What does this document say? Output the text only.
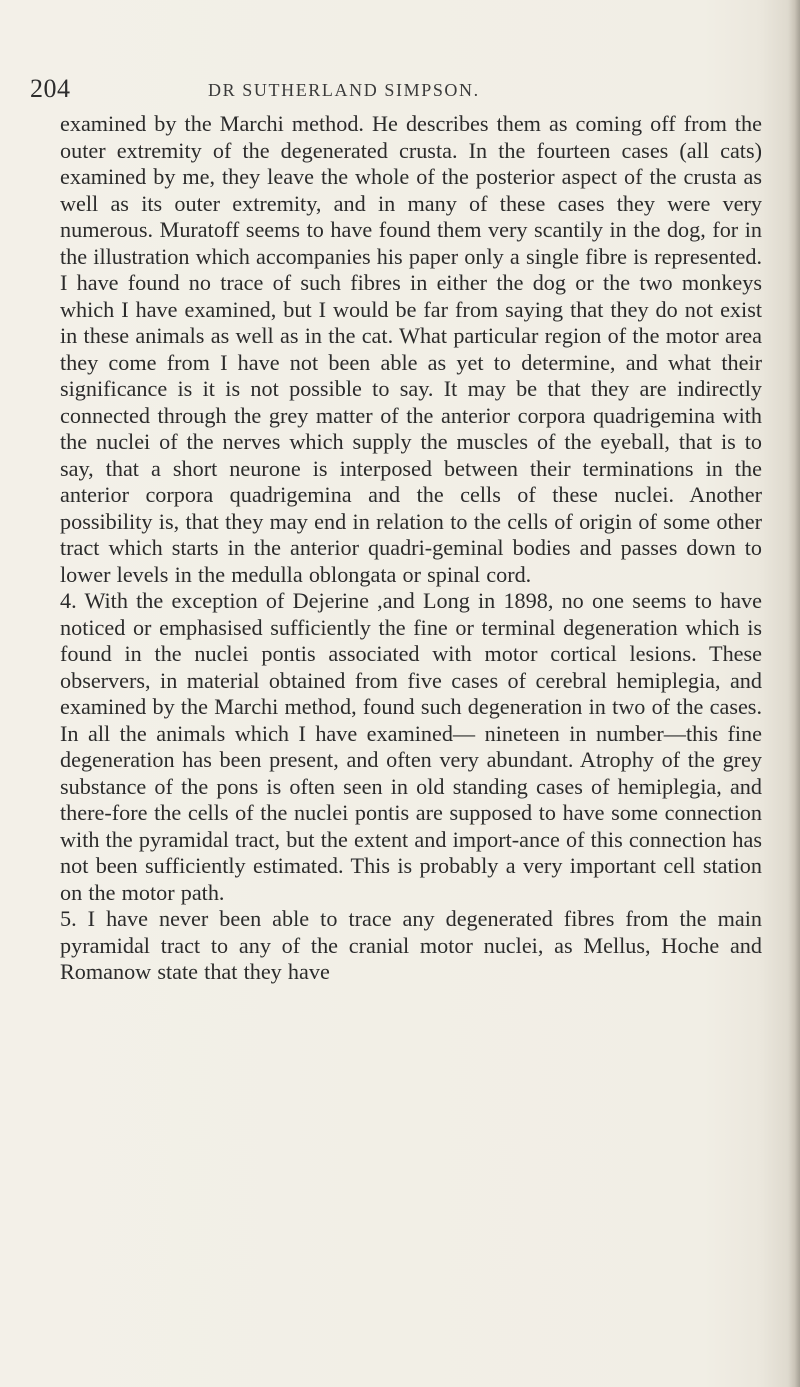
204	DR SUTHERLAND SIMPSON.

examined by the Marchi method. He describes them as coming off from the outer extremity of the degenerated crusta. In the fourteen cases (all cats) examined by me, they leave the whole of the posterior aspect of the crusta as well as its outer extremity, and in many of these cases they were very numerous. Muratoff seems to have found them very scantily in the dog, for in the illustration which accompanies his paper only a single fibre is represented. I have found no trace of such fibres in either the dog or the two monkeys which I have examined, but I would be far from saying that they do not exist in these animals as well as in the cat. What particular region of the motor area they come from I have not been able as yet to determine, and what their significance is it is not possible to say. It may be that they are indirectly connected through the grey matter of the anterior corpora quadrigemina with the nuclei of the nerves which supply the muscles of the eyeball, that is to say, that a short neurone is interposed between their terminations in the anterior corpora quadrigemina and the cells of these nuclei. Another possibility is, that they may end in relation to the cells of origin of some other tract which starts in the anterior quadri-geminal bodies and passes down to lower levels in the medulla oblongata or spinal cord.

4. With the exception of Dejerine ,and Long in 1898, no one seems to have noticed or emphasised sufficiently the fine or terminal degeneration which is found in the nuclei pontis associated with motor cortical lesions. These observers, in material obtained from five cases of cerebral hemiplegia, and examined by the Marchi method, found such degeneration in two of the cases. In all the animals which I have examined— nineteen in number—this fine degeneration has been present, and often very abundant. Atrophy of the grey substance of the pons is often seen in old standing cases of hemiplegia, and there-fore the cells of the nuclei pontis are supposed to have some connection with the pyramidal tract, but the extent and import-ance of this connection has not been sufficiently estimated. This is probably a very important cell station on the motor path.

5. I have never been able to trace any degenerated fibres from the main pyramidal tract to any of the cranial motor nuclei, as Mellus, Hoche and Romanow state that they have
